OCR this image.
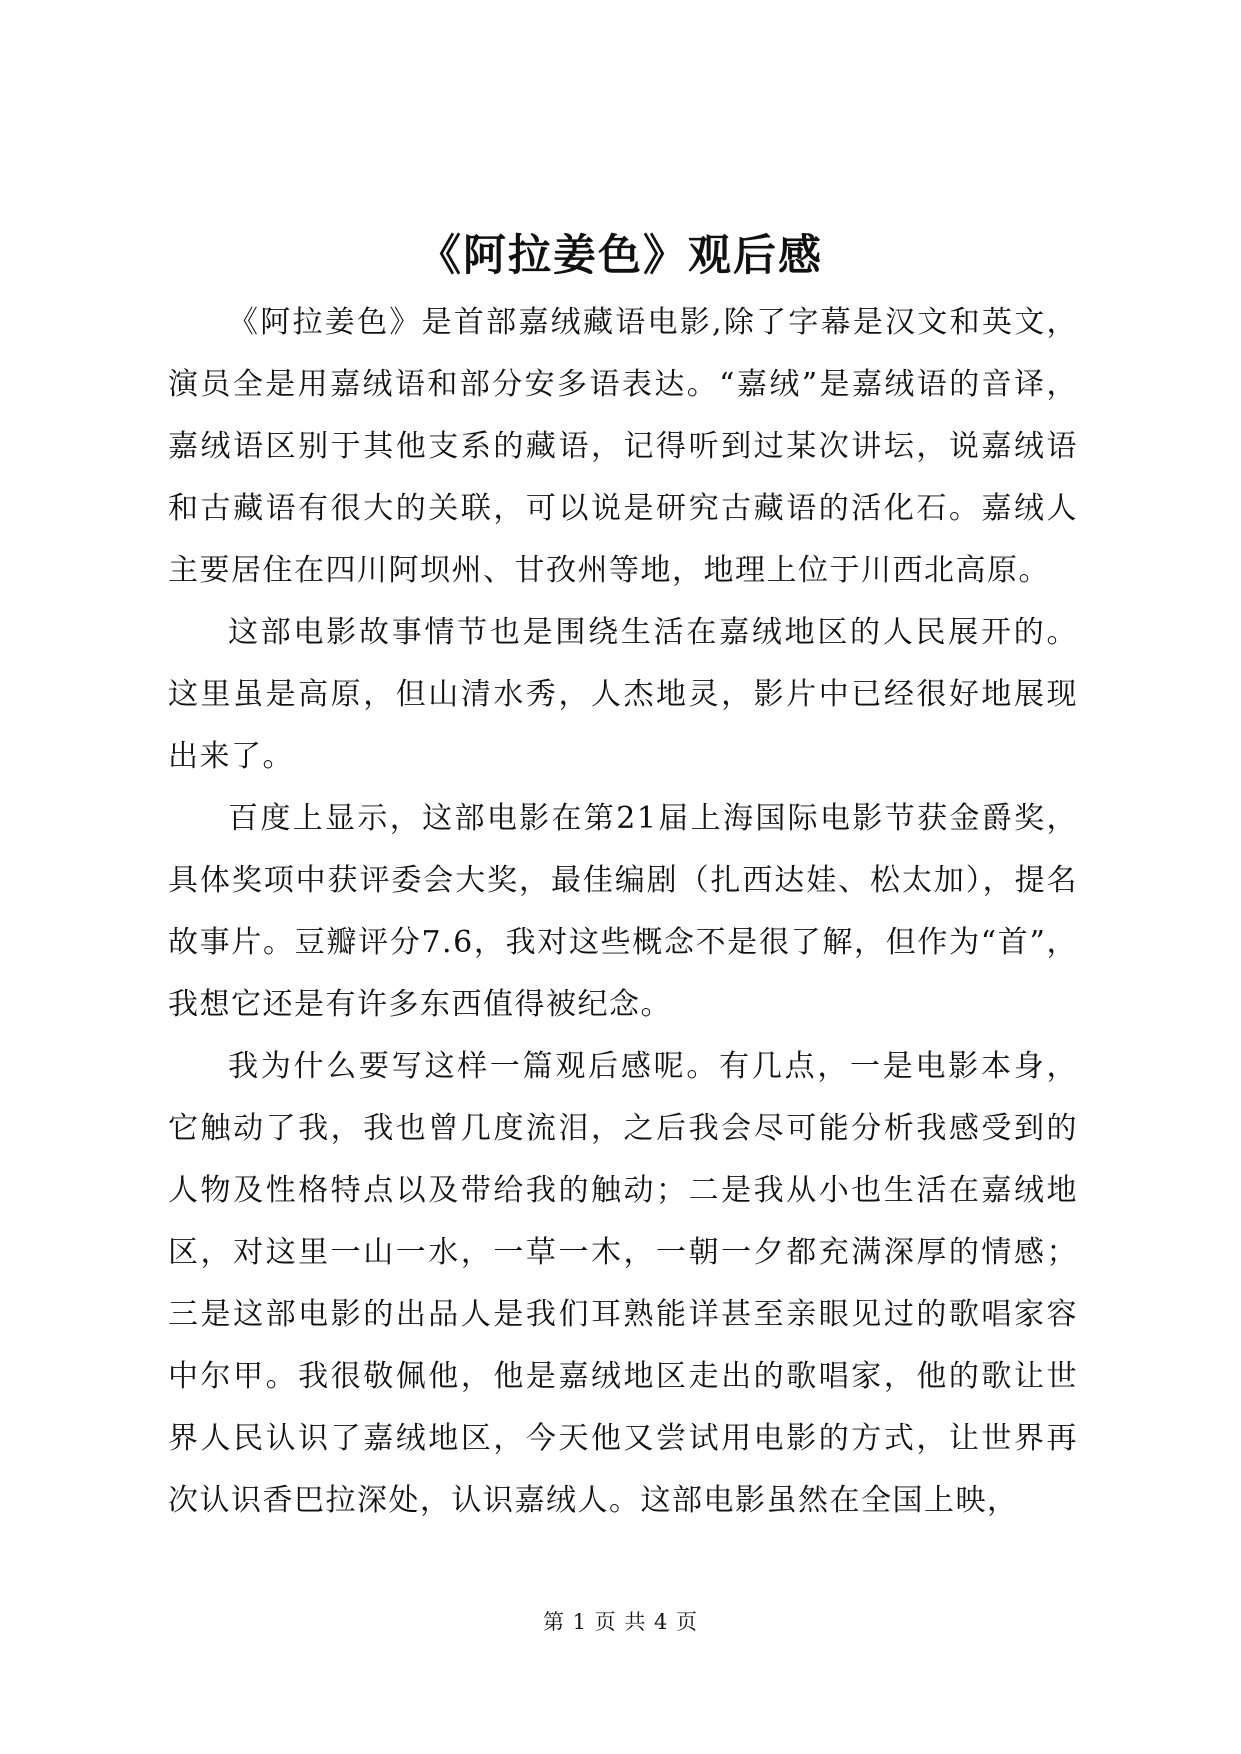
《阿拉姜色》观后感

《阿拉姜色》是首部嘉绒藏语电影,除了字幕是汉文和英文，演员全是用嘉绒语和部分安多语表达。“嘉绒”是嘉绒语的音译，嘉绒语区别于其他支系的藏语，记得听到过某次讲坛，说嘉绒语和古藏语有很大的关联，可以说是研究古藏语的活化石。嘉绒人主要居住在四川阿坝州、甘孜州等地，地理上位于川西北高原。

这部电影故事情节也是围绕生活在嘉绒地区的人民展开的。这里虽是高原，但山清水秀，人杰地灵，影片中已经很好地展现出来了。

百度上显示，这部电影在第21届上海国际电影节获金爵奖，具体奖项中获评委会大奖，最佳编剧（扎西达娃、松太加），提名故事片。豆瓣评分7.6，我对这些概念不是很了解，但作为“首”，我想它还是有许多东西值得被纪念。

我为什么要写这样一篇观后感呢。有几点，一是电影本身，它触动了我，我也曾几度流泪，之后我会尽可能分析我感受到的人物及性格特点以及带给我的触动；二是我从小也生活在嘉绒地区，对这里一山一水，一草一木，一朝一夕都充满深厚的情感；三是这部电影的出品人是我们耳熟能详甚至亲眼见过的歌唱家容中尔甲。我很敬佩他，他是嘉绒地区走出的歌唱家，他的歌让世界人民认识了嘉绒地区，今天他又尝试用电影的方式，让世界再次认识香巴拉深处，认识嘉绒人。这部电影虽然在全国上映，

第 1 页 共 4 页
